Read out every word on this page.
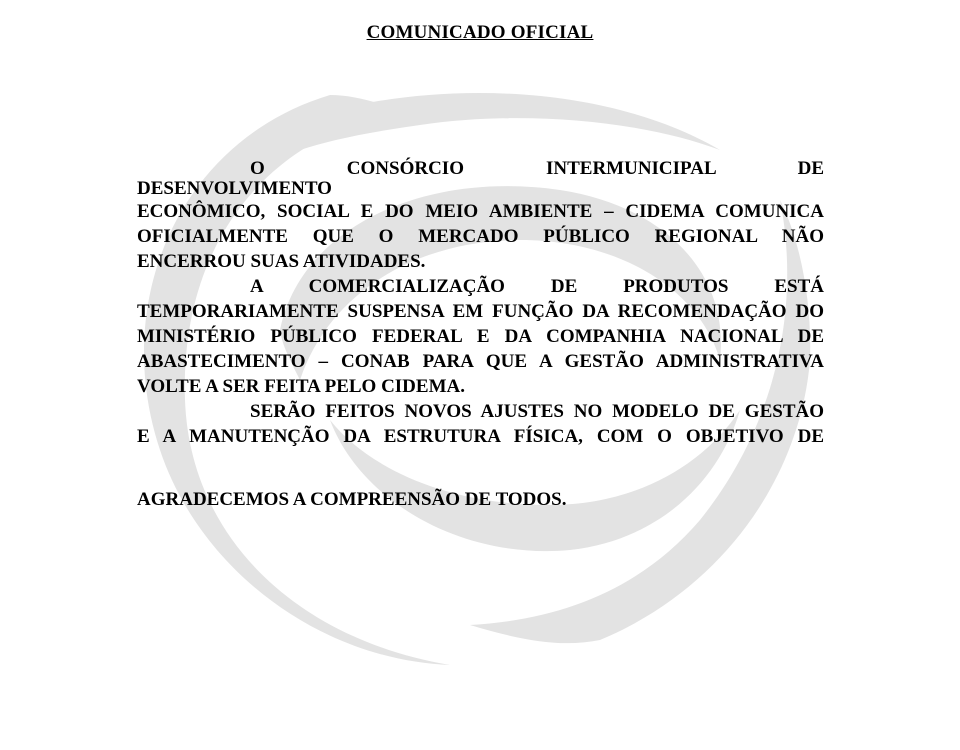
COMUNICADO OFICIAL
O CONSÓRCIO INTERMUNICIPAL DE
DESENVOLVIMENTO
ECONÔMICO, SOCIAL E DO MEIO AMBIENTE – CIDEMA COMUNICA
OFICIALMENTE QUE O MERCADO PÚBLICO REGIONAL NÃO
ENCERROU SUAS ATIVIDADES.
A COMERCIALIZAÇÃO DE PRODUTOS ESTÁ
TEMPORARIAMENTE SUSPENSA EM FUNÇÃO DA RECOMENDAÇÃO DO
MINISTÉRIO PÚBLICO FEDERAL E DA COMPANHIA NACIONAL DE
ABASTECIMENTO – CONAB PARA QUE A GESTÃO ADMINISTRATIVA
VOLTE A SER FEITA PELO CIDEMA.
SERÃO FEITOS NOVOS AJUSTES NO MODELO DE GESTÃO
E A MANUTENÇÃO DA ESTRUTURA FÍSICA, COM O OBJETIVO DE
AGRADECEMOS A COMPREENSÃO DE TODOS.
